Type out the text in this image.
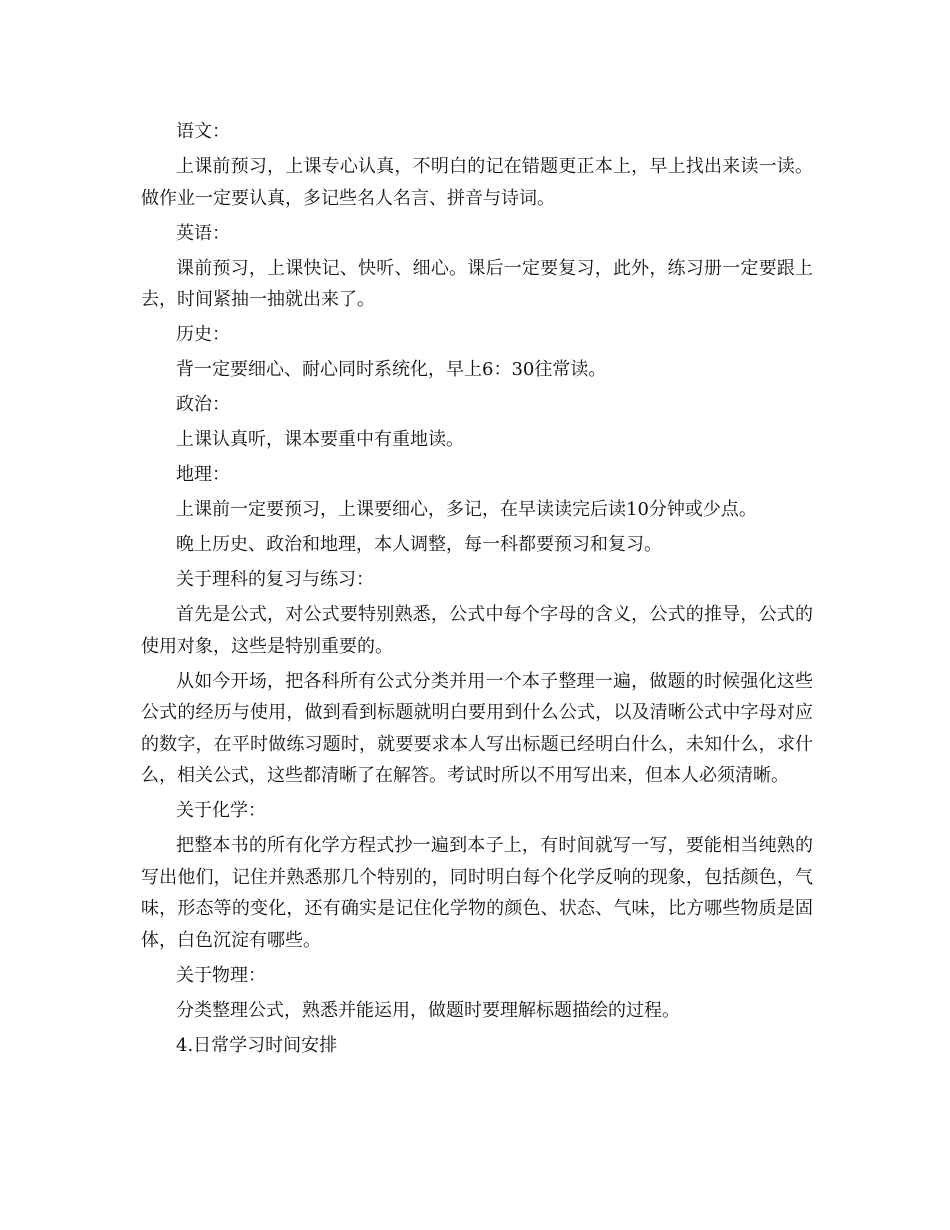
语文：

上课前预习，上课专心认真，不明白的记在错题更正本上，早上找出来读一读。做作业一定要认真，多记些名人名言、拼音与诗词。

英语：

课前预习，上课快记、快听、细心。课后一定要复习，此外，练习册一定要跟上去，时间紧抽一抽就出来了。

历史：

背一定要细心、耐心同时系统化，早上6：30往常读。

政治：

上课认真听，课本要重中有重地读。

地理：

上课前一定要预习，上课要细心，多记，在早读读完后读10分钟或少点。

晚上历史、政治和地理，本人调整，每一科都要预习和复习。

关于理科的复习与练习：

首先是公式，对公式要特别熟悉，公式中每个字母的含义，公式的推导，公式的使用对象，这些是特别重要的。

从如今开场，把各科所有公式分类并用一个本子整理一遍，做题的时候强化这些公式的经历与使用，做到看到标题就明白要用到什么公式，以及清晰公式中字母对应的数字，在平时做练习题时，就要要求本人写出标题已经明白什么，未知什么，求什么，相关公式，这些都清晰了在解答。考试时所以不用写出来，但本人必须清晰。

关于化学：

把整本书的所有化学方程式抄一遍到本子上，有时间就写一写，要能相当纯熟的写出他们，记住并熟悉那几个特别的，同时明白每个化学反响的现象，包括颜色，气味，形态等的变化，还有确实是记住化学物的颜色、状态、气味，比方哪些物质是固体，白色沉淀有哪些。

关于物理：

分类整理公式，熟悉并能运用，做题时要理解标题描绘的过程。

4.日常学习时间安排
